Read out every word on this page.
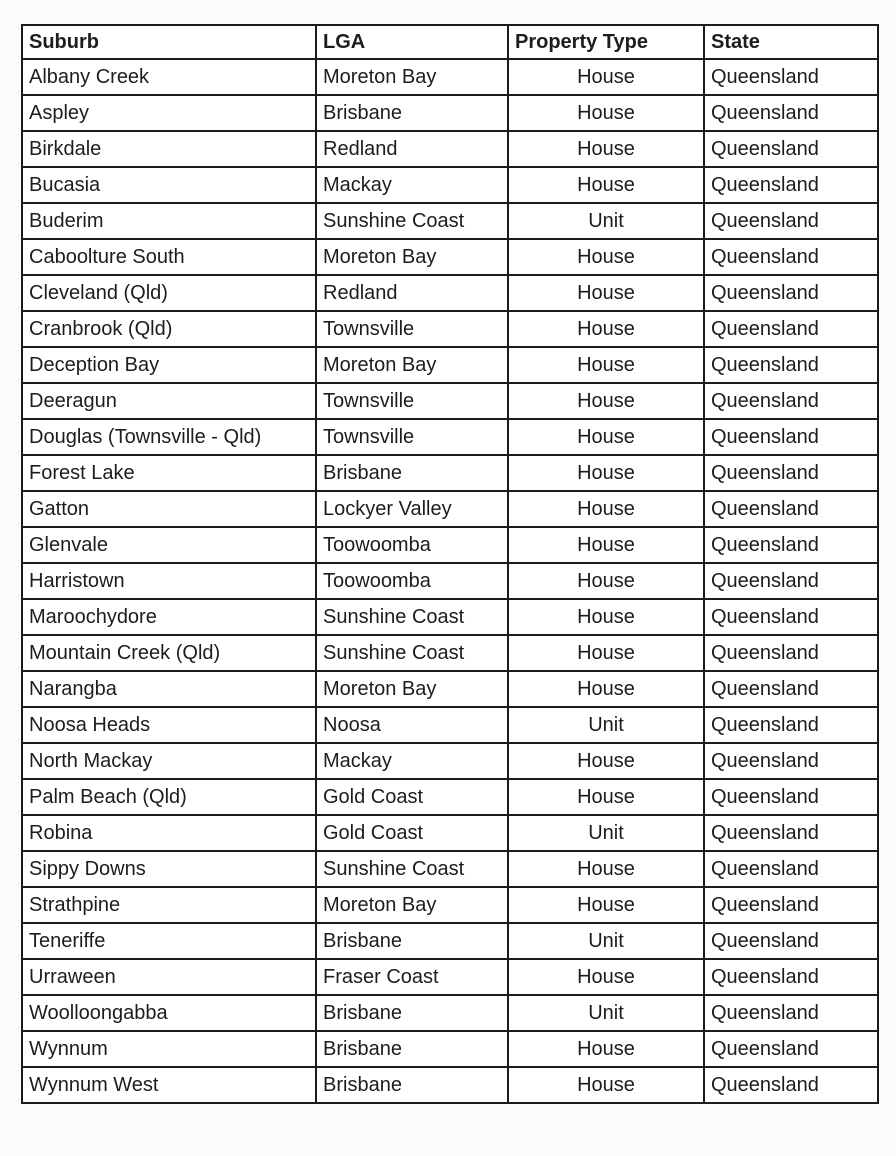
Suburb	LGA	Property Type	State
Albany Creek	Moreton Bay	House	Queensland
Aspley	Brisbane	House	Queensland
Birkdale	Redland	House	Queensland
Bucasia	Mackay	House	Queensland
Buderim	Sunshine Coast	Unit	Queensland
Caboolture South	Moreton Bay	House	Queensland
Cleveland (Qld)	Redland	House	Queensland
Cranbrook (Qld)	Townsville	House	Queensland
Deception Bay	Moreton Bay	House	Queensland
Deeragun	Townsville	House	Queensland
Douglas (Townsville - Qld)	Townsville	House	Queensland
Forest Lake	Brisbane	House	Queensland
Gatton	Lockyer Valley	House	Queensland
Glenvale	Toowoomba	House	Queensland
Harristown	Toowoomba	House	Queensland
Maroochydore	Sunshine Coast	House	Queensland
Mountain Creek (Qld)	Sunshine Coast	House	Queensland
Narangba	Moreton Bay	House	Queensland
Noosa Heads	Noosa	Unit	Queensland
North Mackay	Mackay	House	Queensland
Palm Beach (Qld)	Gold Coast	House	Queensland
Robina	Gold Coast	Unit	Queensland
Sippy Downs	Sunshine Coast	House	Queensland
Strathpine	Moreton Bay	House	Queensland
Teneriffe	Brisbane	Unit	Queensland
Urraween	Fraser Coast	House	Queensland
Woolloongabba	Brisbane	Unit	Queensland
Wynnum	Brisbane	House	Queensland
Wynnum West	Brisbane	House	Queensland
